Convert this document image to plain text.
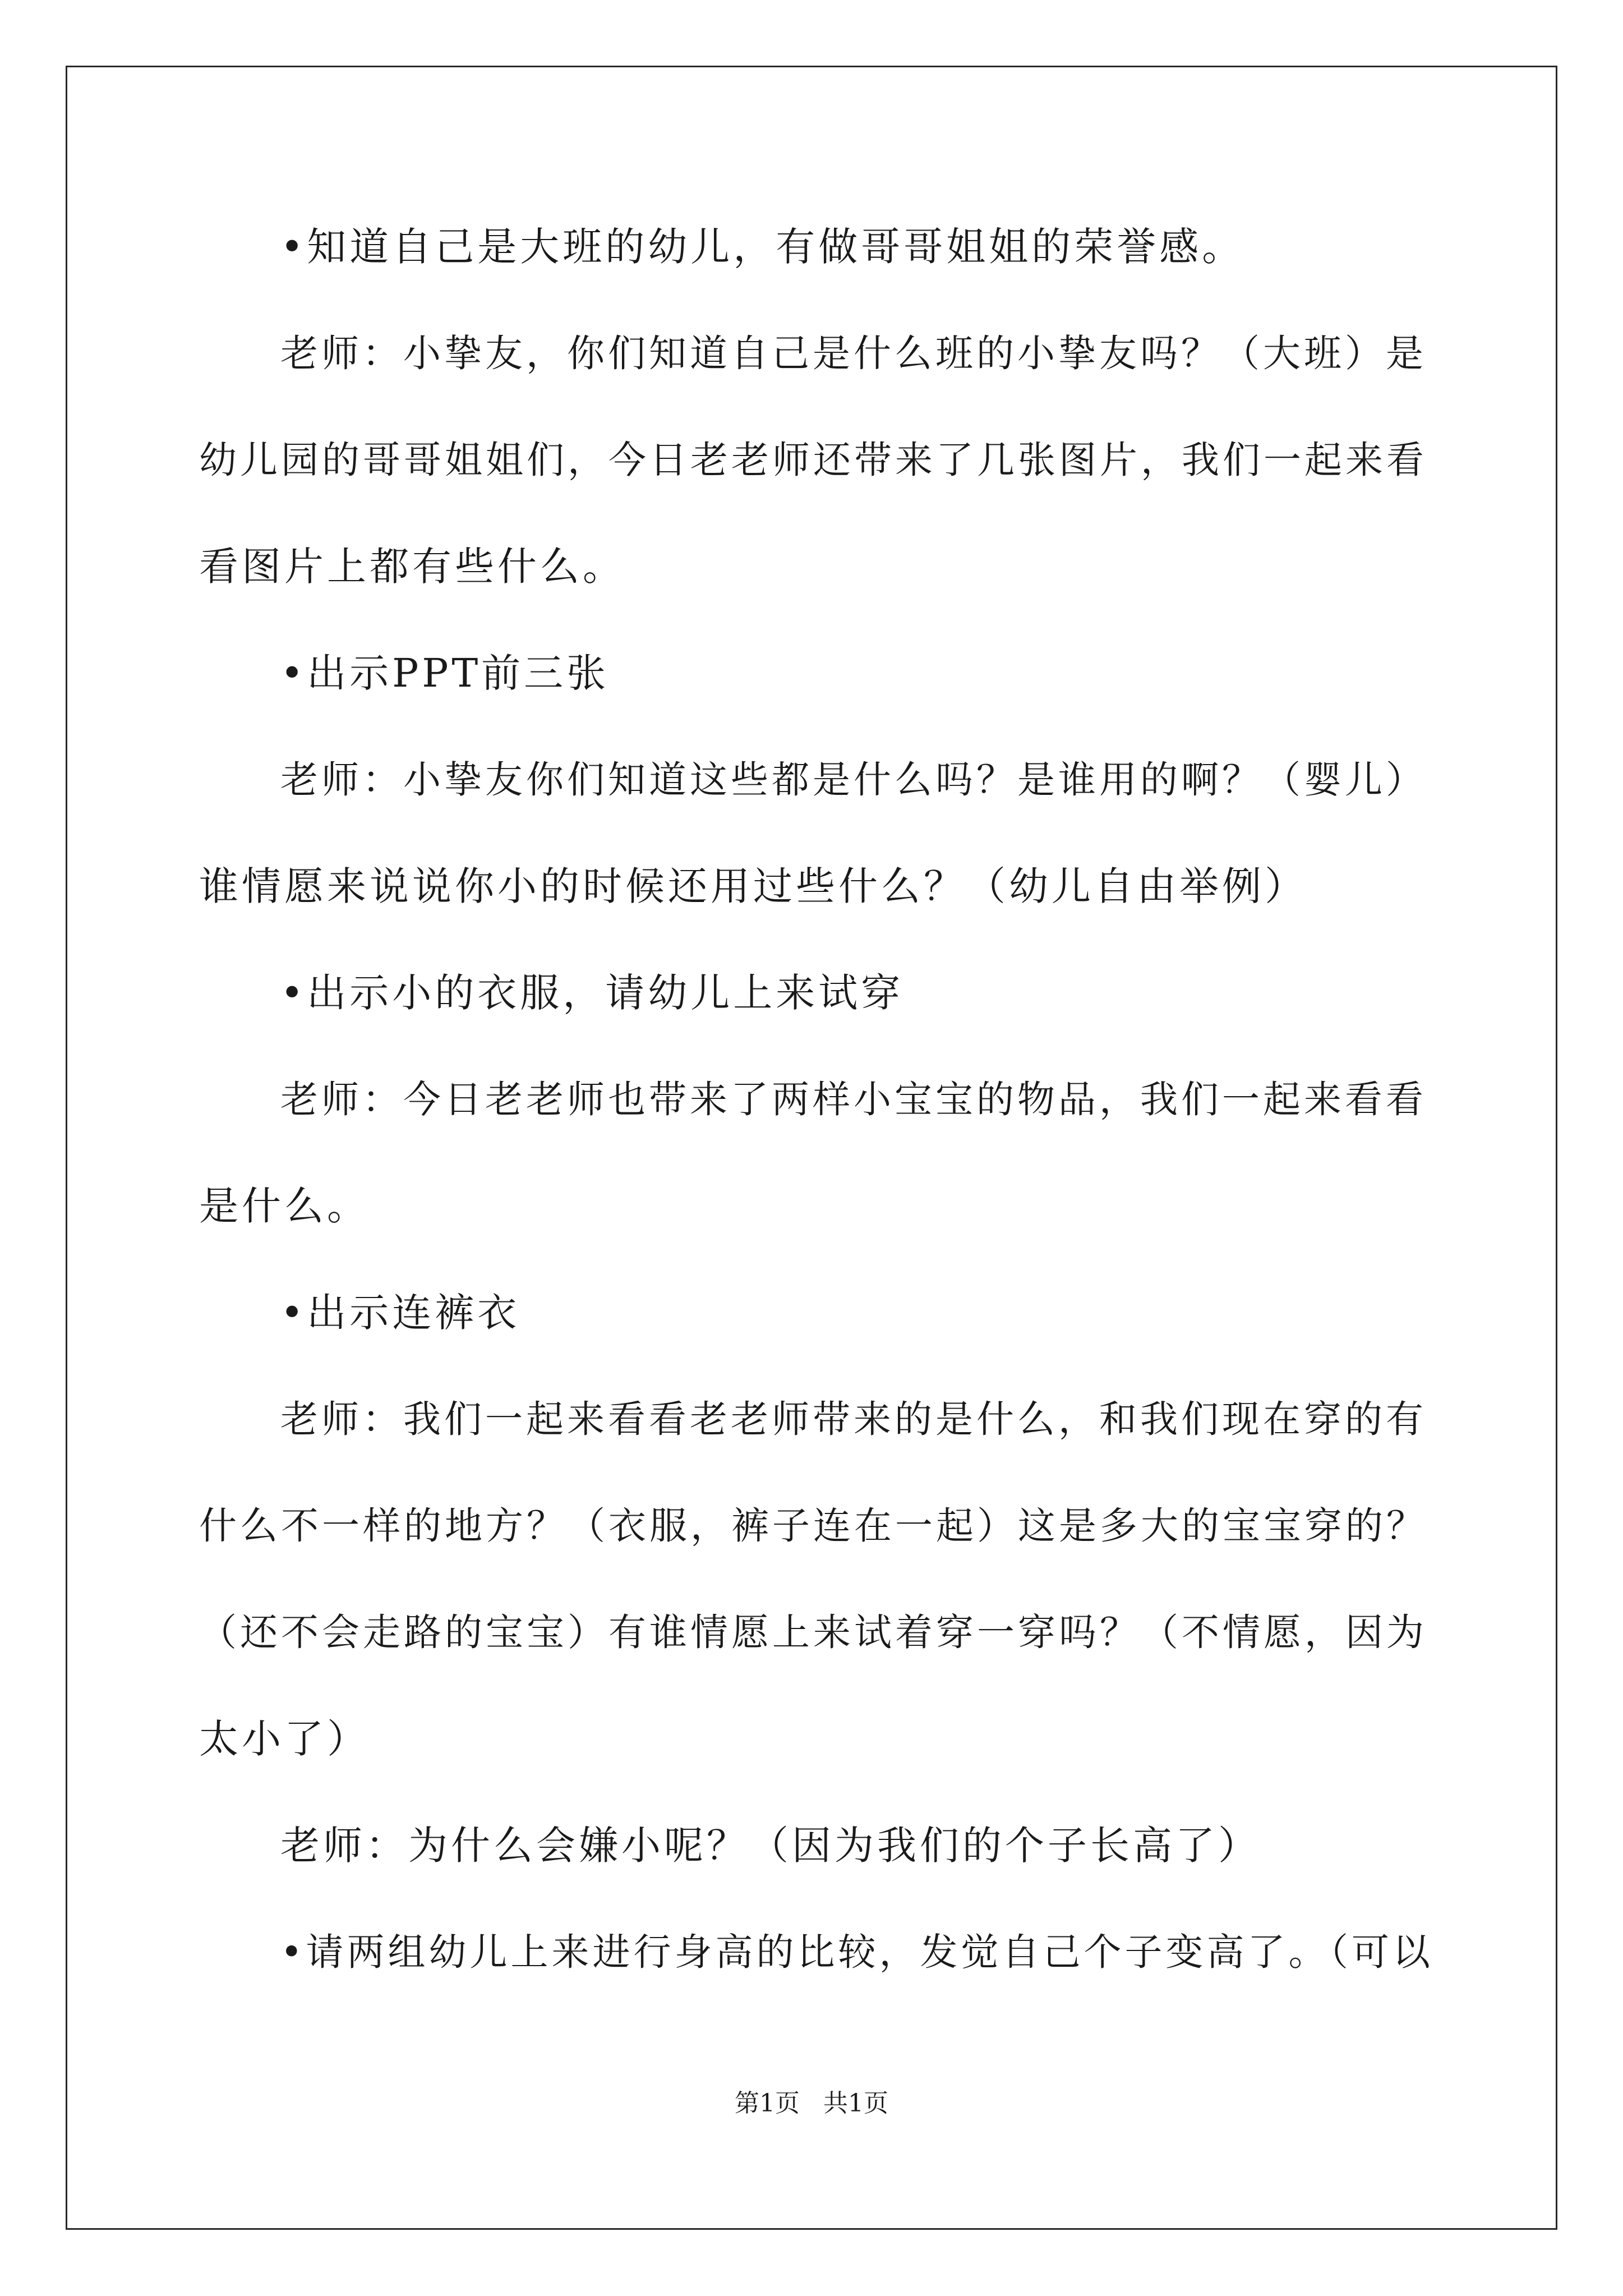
•知道自己是大班的幼儿，有做哥哥姐姐的荣誉感。
老师：小挚友，你们知道自己是什么班的小挚友吗？（大班）是
幼儿园的哥哥姐姐们，今日老老师还带来了几张图片，我们一起来看
看图片上都有些什么。
•出示PPT前三张
老师：小挚友你们知道这些都是什么吗？是谁用的啊？（婴儿）
谁情愿来说说你小的时候还用过些什么？（幼儿自由举例）
•出示小的衣服，请幼儿上来试穿
老师：今日老老师也带来了两样小宝宝的物品，我们一起来看看
是什么。
•出示连裤衣
老师：我们一起来看看老老师带来的是什么，和我们现在穿的有
什么不一样的地方？（衣服，裤子连在一起）这是多大的宝宝穿的？
（还不会走路的宝宝）有谁情愿上来试着穿一穿吗？（不情愿，因为
太小了）
老师：为什么会嫌小呢？（因为我们的个子长高了）
•请两组幼儿上来进行身高的比较，发觉自己个子变高了。（可以
第1页   共1页
